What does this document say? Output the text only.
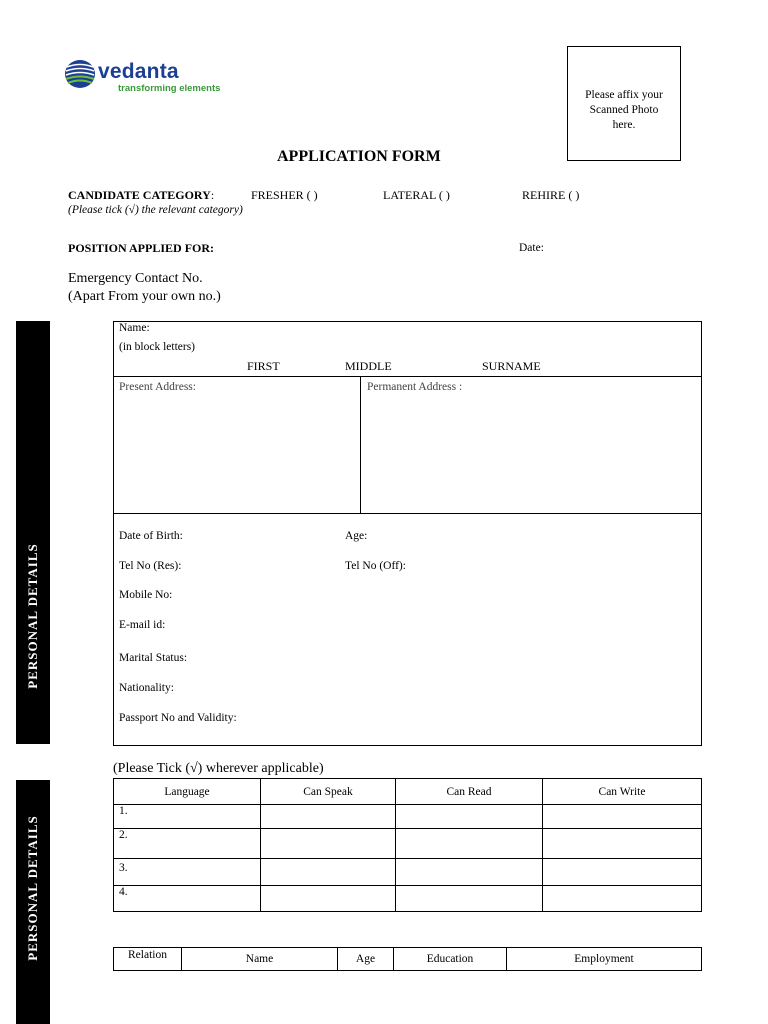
vedanta
transforming elements
Please affix your
Scanned Photo
here.
APPLICATION FORM
CANDIDATE CATEGORY:	FRESHER ( )	LATERAL ( )	REHIRE ( )
(Please tick (√) the relevant category)
POSITION APPLIED FOR:	Date:
Emergency Contact No.
(Apart From your own no.)
PERSONAL DETAILS
PERSONAL DETAILS
Name:
(in block letters)
FIRST	MIDDLE	SURNAME
Present Address:	Permanent Address :
Date of Birth:	Age:
Tel No (Res):	Tel No (Off):
Mobile No:
E-mail id:
Marital Status:
Nationality:
Passport No and Validity:
(Please Tick (√) wherever applicable)
Language	Can Speak	Can Read	Can Write
1.			
2.			
3.			
4.			
Relation	Name	Age	Education	Employment
